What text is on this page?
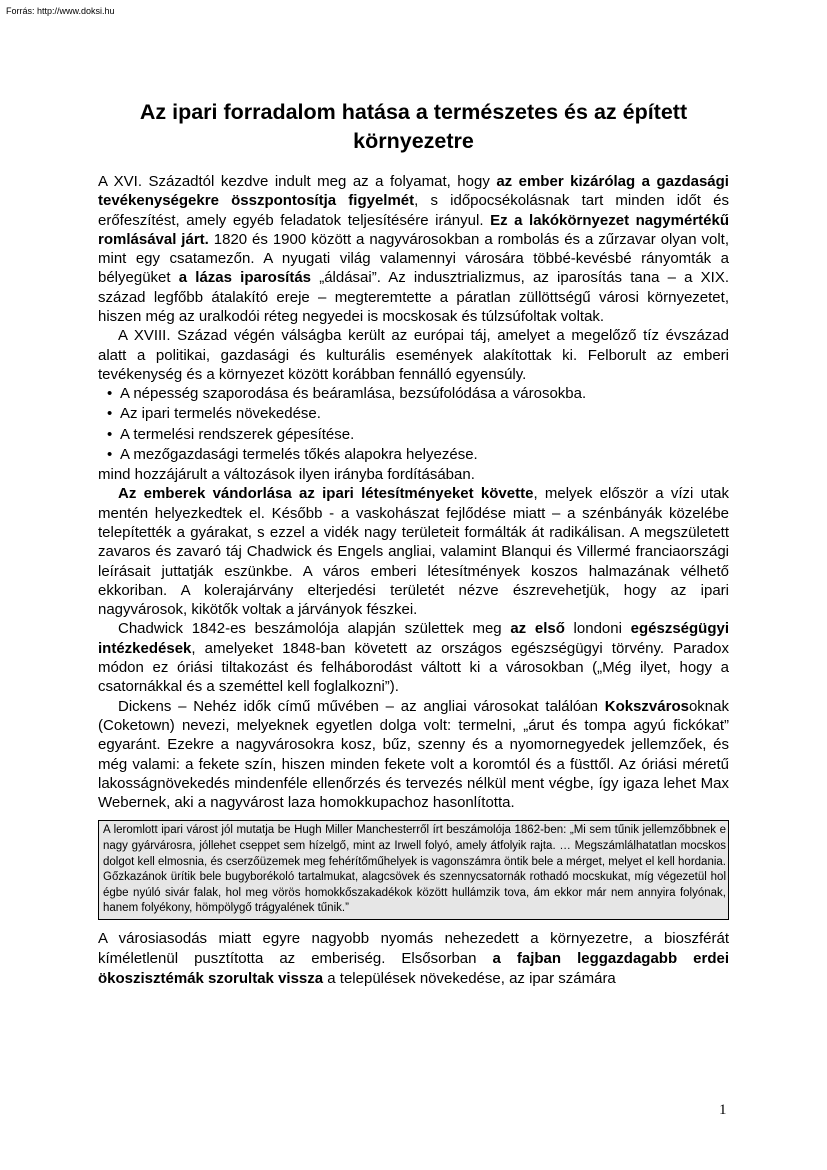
Forrás: http://www.doksi.hu
Az ipari forradalom hatása a természetes és az épített környezetre

A XVI. Századtól kezdve indult meg az a folyamat, hogy az ember kizárólag a gazdasági tevékenységekre összpontosítja figyelmét, s időpocsékolásnak tart minden időt és erőfeszítést, amely egyéb feladatok teljesítésére irányul. Ez a lakókörnyezet nagymértékű romlásával járt. 1820 és 1900 között a nagyvárosokban a rombolás és a zűrzavar olyan volt, mint egy csatamezőn. A nyugati világ valamennyi városára többé-kevésbé rányomták a bélyegüket a lázas iparosítás „áldásai”. Az indusztrializmus, az iparosítás tana – a XIX. század legfőbb átalakító ereje – megteremtette a páratlan züllöttségű városi környezetet, hiszen még az uralkodói réteg negyedei is mocskosak és túlzsúfoltak voltak.

A XVIII. Század végén válságba került az európai táj, amelyet a megelőző tíz évszázad alatt a politikai, gazdasági és kulturális események alakítottak ki. Felborult az emberi tevékenység és a környezet között korábban fennálló egyensúly.

• A népesség szaporodása és beáramlása, bezsúfolódása a városokba.
• Az ipari termelés növekedése.
• A termelési rendszerek gépesítése.
• A mezőgazdasági termelés tőkés alapokra helyezése.

mind hozzájárult a változások ilyen irányba fordításában.

Az emberek vándorlása az ipari létesítményeket követte, melyek először a vízi utak mentén helyezkedtek el. Később - a vaskohászat fejlődése miatt – a szénbányák közelébe telepítették a gyárakat, s ezzel a vidék nagy területeit formálták át radikálisan. A megszületett zavaros és zavaró táj Chadwick és Engels angliai, valamint Blanqui és Villermé franciaországi leírásait juttatják eszünkbe. A város emberi létesítmények koszos halmazának vélhető ekkoriban. A kolerajárvány elterjedési területét nézve észrevehetjük, hogy az ipari nagyvárosok, kikötők voltak a járványok fészkei.

Chadwick 1842-es beszámolója alapján születtek meg az első londoni egészségügyi intézkedések, amelyeket 1848-ban követett az országos egészségügyi törvény. Paradox módon ez óriási tiltakozást és felháborodást váltott ki a városokban („Még ilyet, hogy a csatornákkal és a szeméttel kell foglalkozni”).

Dickens – Nehéz idők című művében – az angliai városokat találóan Kokszvárosoknak (Coketown) nevezi, melyeknek egyetlen dolga volt: termelni, „árut és tompa agyú fickókat” egyaránt. Ezekre a nagyvárosokra kosz, bűz, szenny és a nyomornegyedek jellemzőek, és még valami: a fekete szín, hiszen minden fekete volt a koromtól és a füsttől. Az óriási méretű lakosságnövekedés mindenféle ellenőrzés és tervezés nélkül ment végbe, így igaza lehet Max Webernek, aki a nagyvárost laza homokkupachoz hasonlította.

A leromlott ipari várost jól mutatja be Hugh Miller Manchesterről írt beszámolója 1862-ben: „Mi sem tűnik jellemzőbbnek e nagy gyárvárosra, jóllehet cseppet sem hízelgő, mint az Irwell folyó, amely átfolyik rajta. … Megszámlálhatatlan mocskos dolgot kell elmosnia, és cserzőüzemek meg fehérítőműhelyek is vagonszámra öntik bele a mérget, melyet el kell hordania. Gőzkazánok ürítik bele bugyborékoló tartalmukat, alagcsövek és szennycsatornák rothadó mocskukat, míg végezetül hol égbe nyúló sivár falak, hol meg vörös homokkőszakadékok között hullámzik tova, ám ekkor már nem annyira folyónak, hanem folyékony, hömpölygő trágyalének tűnik.”

A városiasodás miatt egyre nagyobb nyomás nehezedett a környezetre, a bioszférát kíméletlenül pusztította az emberiség. Elsősorban a fajban leggazdagabb erdei ökoszisztémák szorultak vissza a települések növekedése, az ipar számára

1
